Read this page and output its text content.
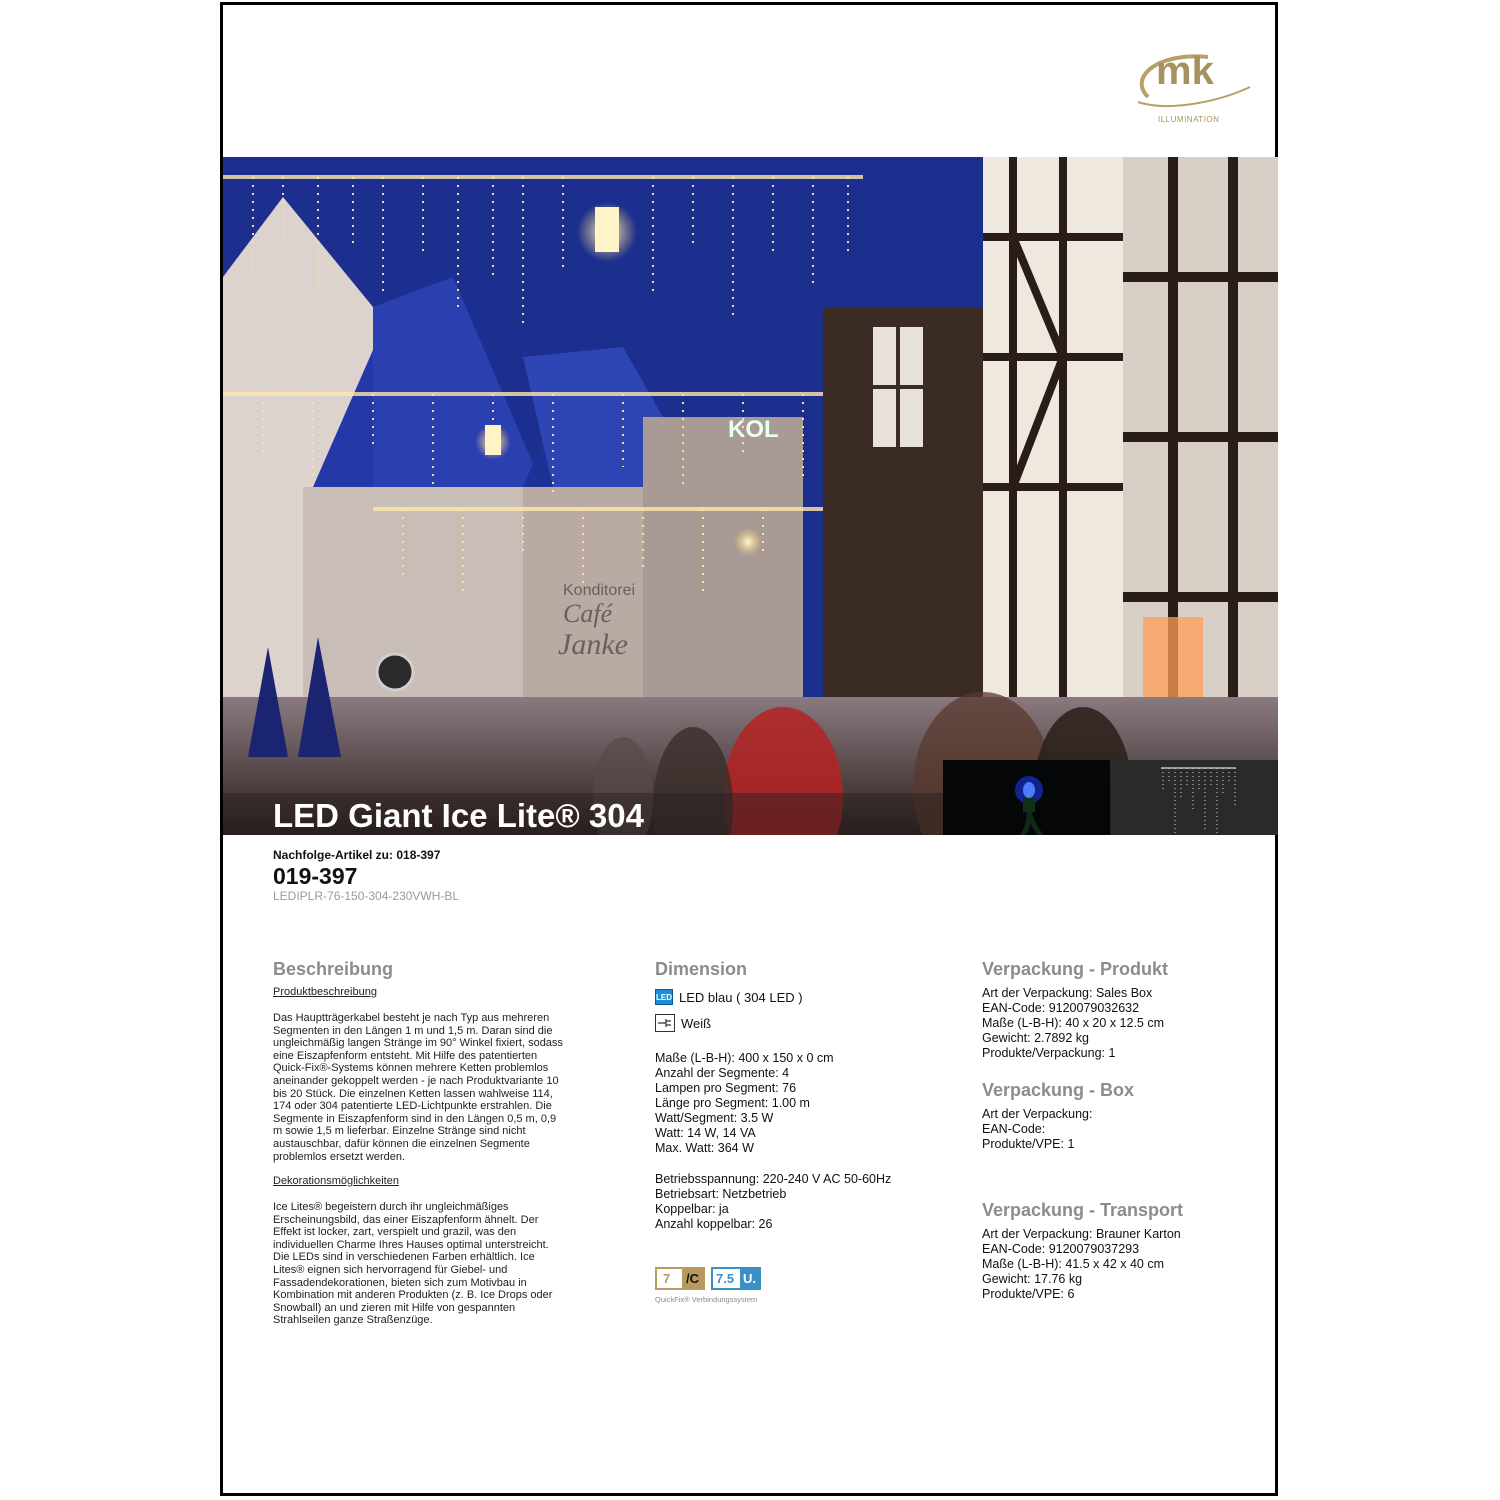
mk
ILLUMINATION
KOL
Konditorei
Café
Janke
LED Giant Ice Lite® 304
Nachfolge-Artikel zu: 018-397
019-397
LEDIPLR-76-150-304-230VWH-BL
Beschreibung
Produktbeschreibung
Das Hauptträgerkabel besteht je nach Typ aus mehreren Segmenten in den Längen 1 m und 1,5 m. Daran sind die ungleichmäßig langen Stränge im 90° Winkel fixiert, sodass eine Eiszapfenform entsteht. Mit Hilfe des patentierten Quick-Fix®-Systems können mehrere Ketten problemlos aneinander gekoppelt werden - je nach Produktvariante 10 bis 20 Stück. Die einzelnen Ketten lassen wahlweise 114, 174 oder 304 patentierte LED-Lichtpunkte erstrahlen. Die Segmente in Eiszapfenform sind in den Längen 0,5 m, 0,9 m sowie 1,5 m lieferbar. Einzelne Stränge sind nicht austauschbar, dafür können die einzelnen Segmente problemlos ersetzt werden.
Dekorationsmöglichkeiten
Ice Lites® begeistern durch ihr ungleichmäßiges Erscheinungsbild, das einer Eiszapfenform ähnelt. Der Effekt ist locker, zart, verspielt und grazil, was den individuellen Charme Ihres Hauses optimal unterstreicht. Die LEDs sind in verschiedenen Farben erhältlich. Ice Lites® eignen sich hervorragend für Giebel- und Fassadendekorationen, bieten sich zum Motivbau in Kombination mit anderen Produkten (z. B. Ice Drops oder Snowball) an und zieren mit Hilfe von gespannten Strahlseilen ganze Straßenzüge.
Dimension
LED LED blau ( 304 LED )
Weiß
Maße (L-B-H): 400 x 150 x 0 cm
Anzahl der Segmente: 4
Lampen pro Segment: 76
Länge pro Segment: 1.00 m
Watt/Segment: 3.5 W
Watt: 14 W, 14 VA
Max. Watt: 364 W
Betriebsspannung: 220-240 V AC 50-60Hz
Betriebsart: Netzbetrieb
Koppelbar: ja
Anzahl koppelbar: 26
7	/C	7.5 U.
QuickFix® Verbindungssystem
Verpackung - Produkt
Art der Verpackung: Sales Box
EAN-Code: 9120079032632
Maße (L-B-H): 40 x 20 x 12.5 cm
Gewicht: 2.7892 kg
Produkte/Verpackung: 1
Verpackung - Box
Art der Verpackung:
EAN-Code:
Produkte/VPE: 1
Verpackung - Transport
Art der Verpackung: Brauner Karton
EAN-Code: 9120079037293
Maße (L-B-H): 41.5 x 42 x 40 cm
Gewicht: 17.76 kg
Produkte/VPE: 6
